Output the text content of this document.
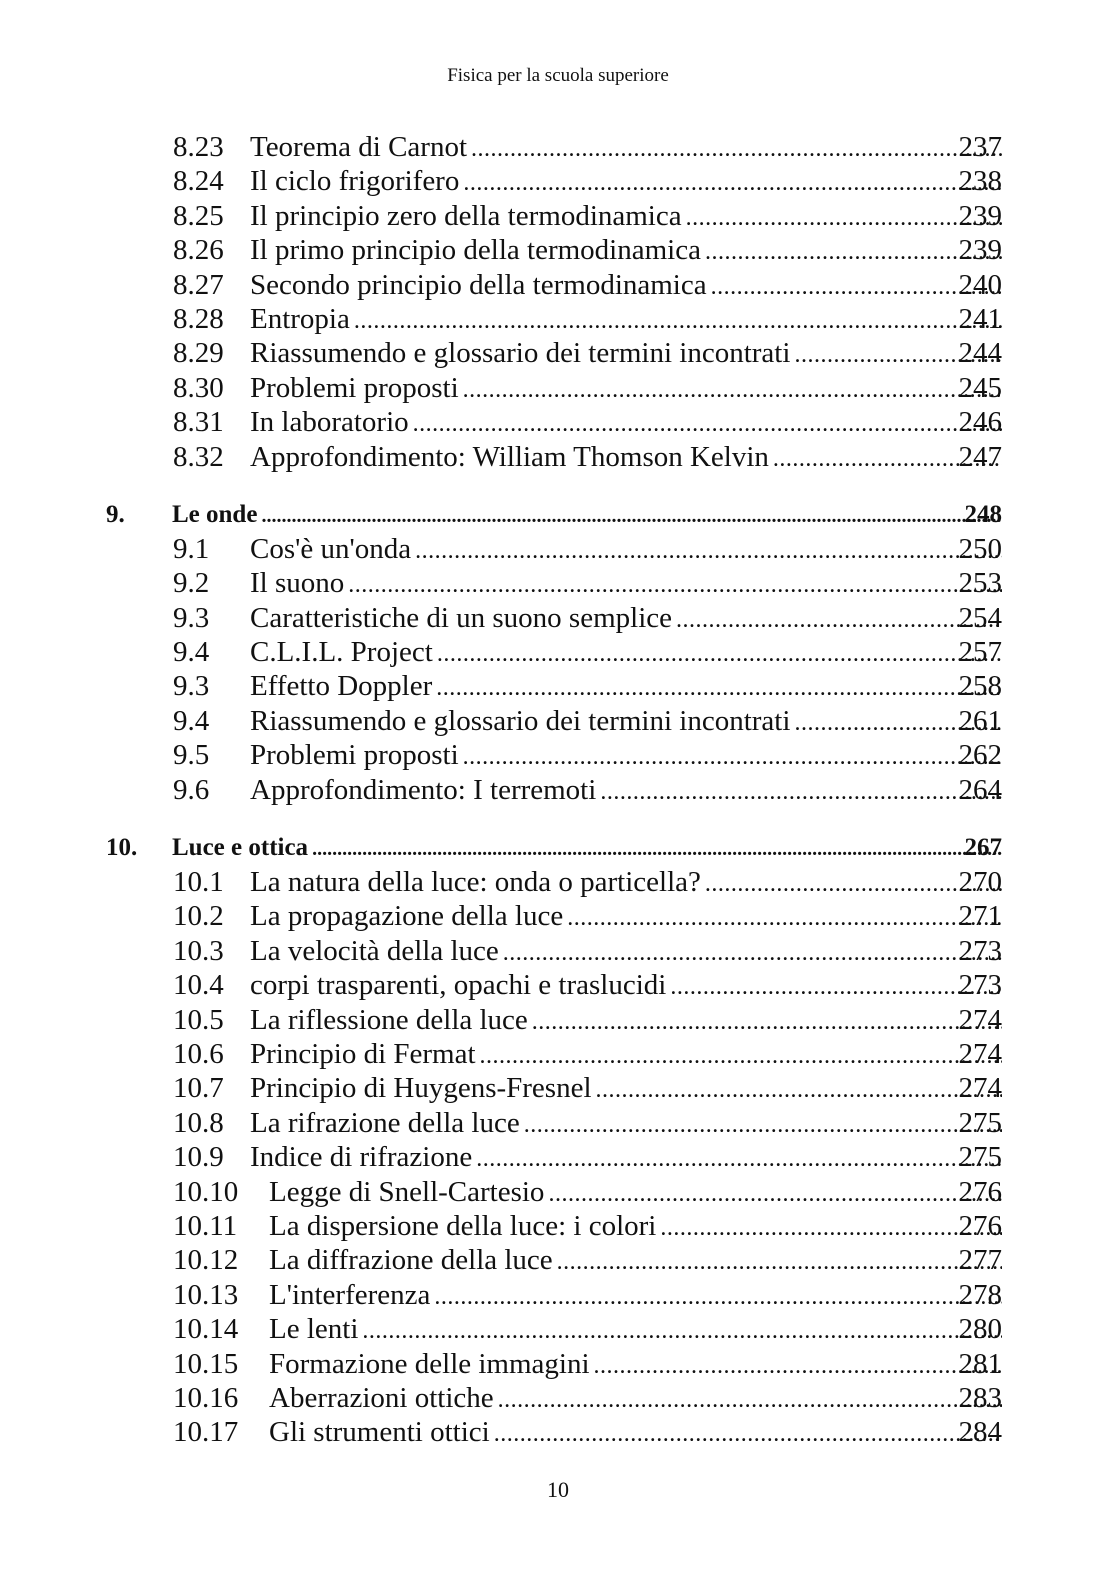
Fisica per la scuola superiore
8.23 Teorema di Carnot .....	237
8.24 Il ciclo frigorifero .....	238
8.25 Il principio zero della termodinamica .....	239
8.26 Il primo principio della termodinamica .....	239
8.27 Secondo principio della termodinamica .....	240
8.28 Entropia .....	241
8.29 Riassumendo e glossario dei termini incontrati .....	244
8.30 Problemi proposti .....	245
8.31 In laboratorio .....	246
8.32 Approfondimento: William Thomson Kelvin .....	247
9. Le onde .....	248
9.1 Cos'è un'onda .....	250
9.2 Il suono .....	253
9.3 Caratteristiche di un suono semplice .....	254
9.4 C.L.I.L. Project .....	257
9.3 Effetto Doppler .....	258
9.4 Riassumendo e glossario dei termini incontrati .....	261
9.5 Problemi proposti .....	262
9.6 Approfondimento: I terremoti .....	264
10. Luce e ottica .....	267
10.1 La natura della luce: onda o particella? .....	270
10.2 La propagazione della luce .....	271
10.3 La velocità della luce .....	273
10.4 corpi trasparenti, opachi e traslucidi .....	273
10.5 La riflessione della luce .....	274
10.6 Principio di Fermat .....	274
10.7 Principio di Huygens-Fresnel .....	274
10.8 La rifrazione della luce .....	275
10.9 Indice di rifrazione .....	275
10.10 Legge di Snell-Cartesio .....	276
10.11 La dispersione della luce: i colori .....	276
10.12 La diffrazione della luce .....	277
10.13 L'interferenza .....	278
10.14 Le lenti .....	280
10.15 Formazione delle immagini .....	281
10.16 Aberrazioni ottiche .....	283
10.17 Gli strumenti ottici .....	284
10
